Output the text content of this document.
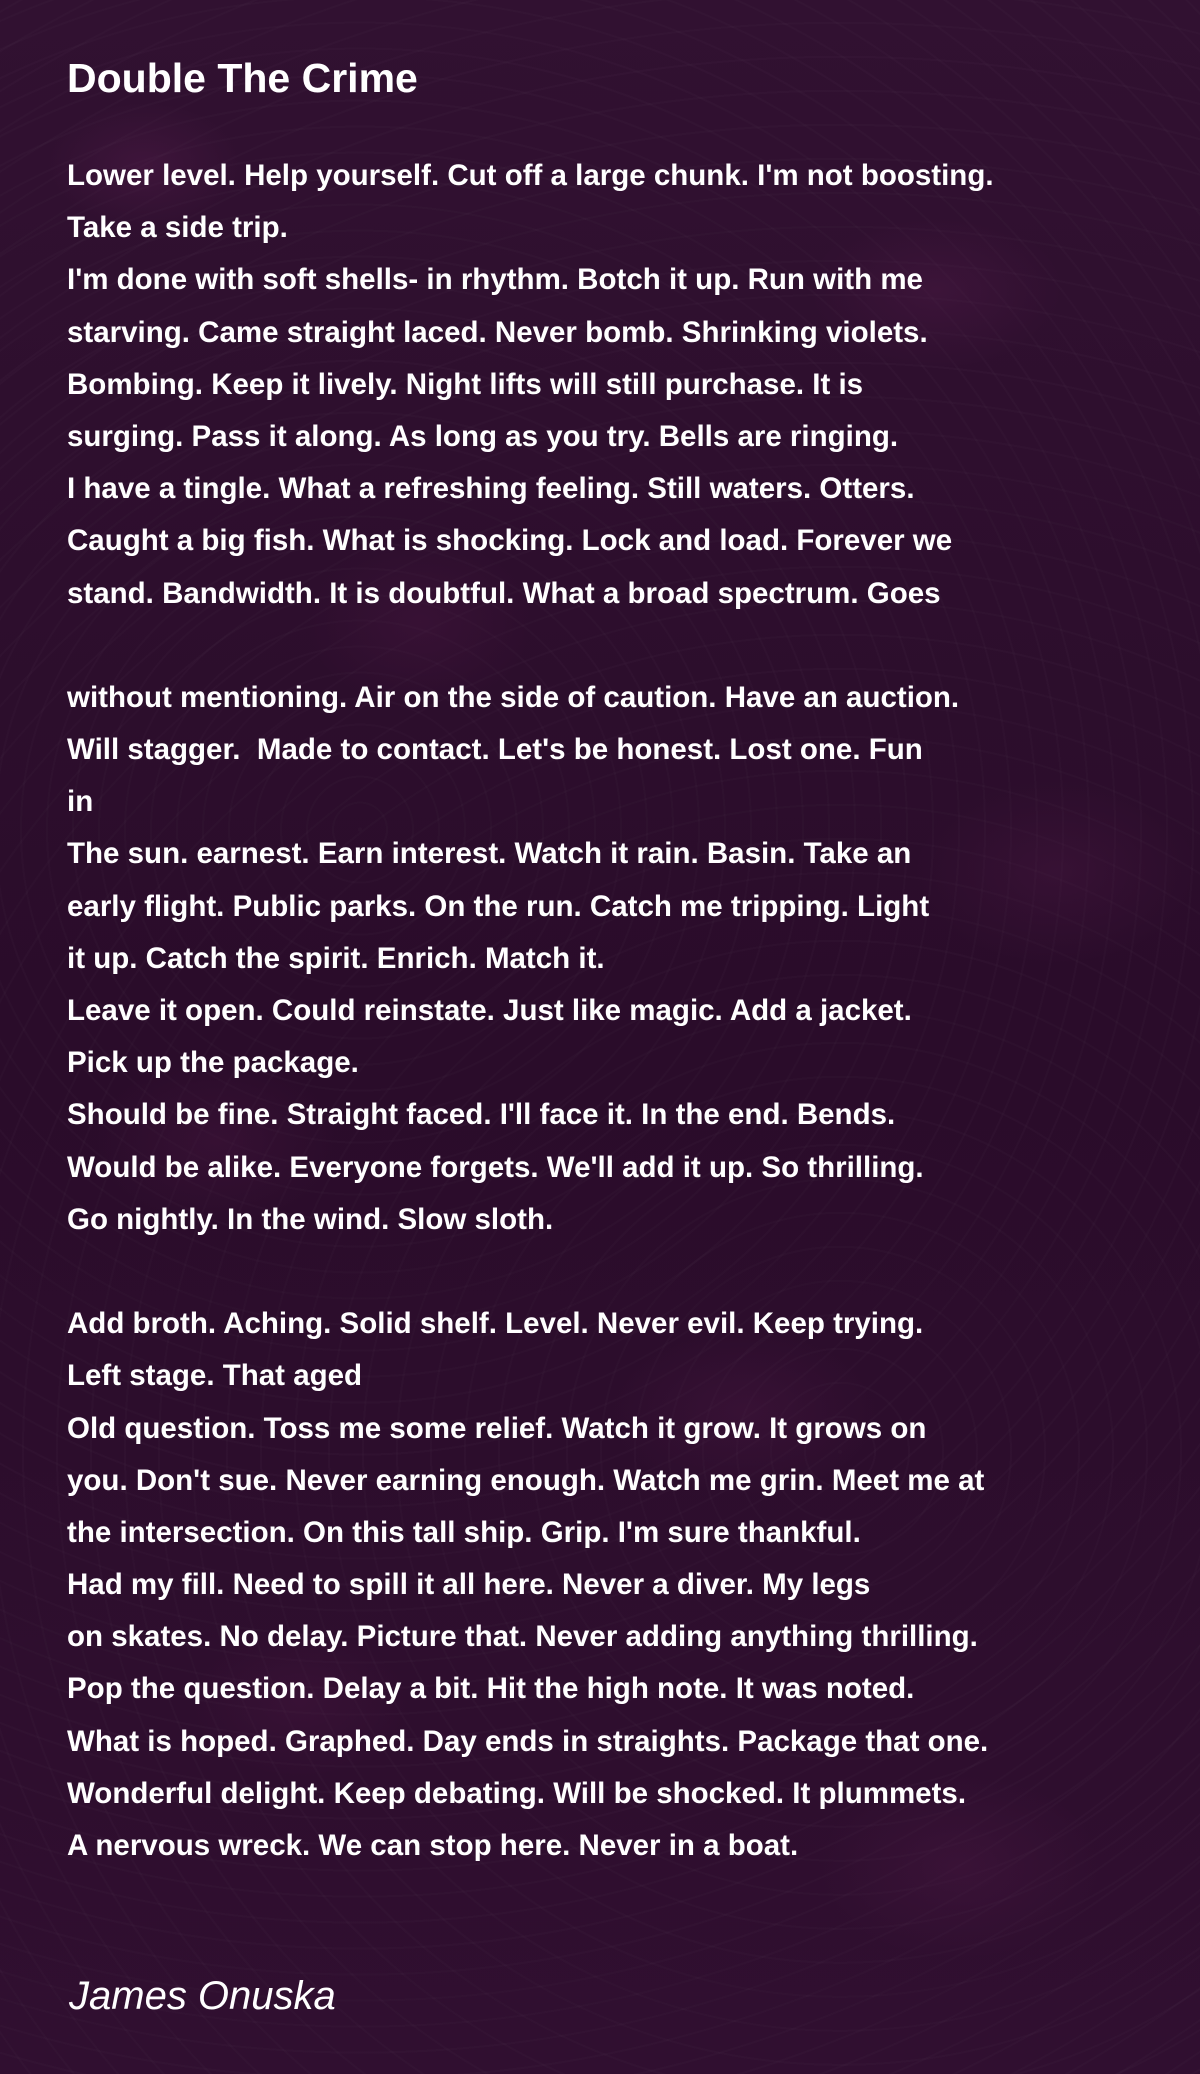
Double The Crime
Lower level. Help yourself. Cut off a large chunk. I'm not boosting.
Take a side trip.
I'm done with soft shells- in rhythm. Botch it up. Run with me
starving. Came straight laced. Never bomb. Shrinking violets.
Bombing. Keep it lively. Night lifts will still purchase. It is
surging. Pass it along. As long as you try. Bells are ringing.
I have a tingle. What a refreshing feeling. Still waters. Otters.
Caught a big fish. What is shocking. Lock and load. Forever we
stand. Bandwidth. It is doubtful. What a broad spectrum. Goes
without mentioning. Air on the side of caution. Have an auction.
Will stagger.  Made to contact. Let's be honest. Lost one. Fun
in
The sun. earnest. Earn interest. Watch it rain. Basin. Take an
early flight. Public parks. On the run. Catch me tripping. Light
it up. Catch the spirit. Enrich. Match it.
Leave it open. Could reinstate. Just like magic. Add a jacket.
Pick up the package.
Should be fine. Straight faced. I'll face it. In the end. Bends.
Would be alike. Everyone forgets. We'll add it up. So thrilling.
Go nightly. In the wind. Slow sloth.
Add broth. Aching. Solid shelf. Level. Never evil. Keep trying.
Left stage. That aged
Old question. Toss me some relief. Watch it grow. It grows on
you. Don't sue. Never earning enough. Watch me grin. Meet me at
the intersection. On this tall ship. Grip. I'm sure thankful.
Had my fill. Need to spill it all here. Never a diver. My legs
on skates. No delay. Picture that. Never adding anything thrilling.
Pop the question. Delay a bit. Hit the high note. It was noted.
What is hoped. Graphed. Day ends in straights. Package that one.
Wonderful delight. Keep debating. Will be shocked. It plummets.
A nervous wreck. We can stop here. Never in a boat.
James Onuska
